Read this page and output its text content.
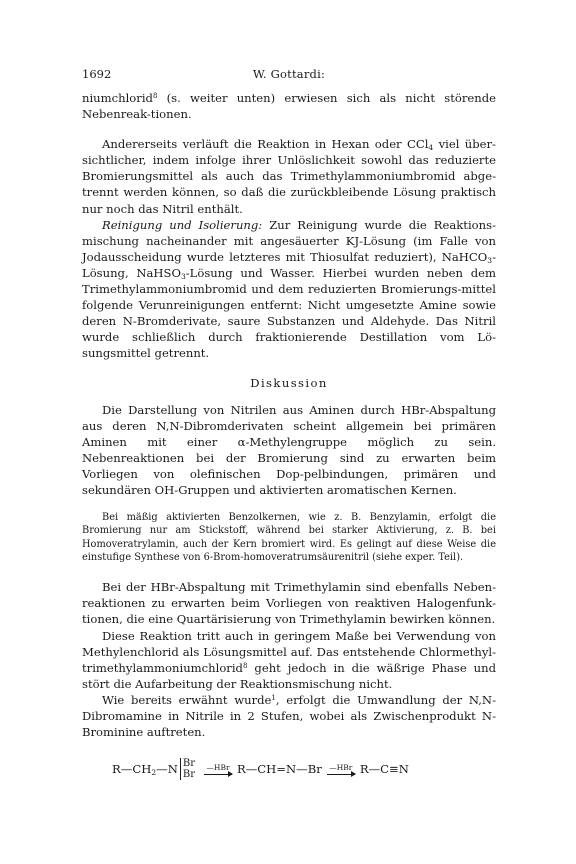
1692	W. Gottardi:

niumchlorid$^8$ (s. weiter unten) erwiesen sich als nicht störende Nebenreak-tionen.

Andererseits verläuft die Reaktion in Hexan oder CCl$_4$ viel über-sichtlicher, indem infolge ihrer Unlöslichkeit sowohl das reduzierte Bromierungsmittel als auch das Trimethylammoniumbromid abge-trennt werden können, so daß die zurückbleibende Lösung praktisch nur noch das Nitril enthält.

Reinigung und Isolierung: Zur Reinigung wurde die Reaktions-mischung nacheinander mit angesäuerter KJ-Lösung (im Falle von Jodausscheidung wurde letzteres mit Thiosulfat reduziert), NaHCO$_3$-Lösung, NaHSO$_3$-Lösung und Wasser. Hierbei wurden neben dem Trimethylammoniumbromid und dem reduzierten Bromierungs-mittel folgende Verunreinigungen entfernt: Nicht umgesetzte Amine sowie deren N-Bromderivate, saure Substanzen und Aldehyde. Das Nitril wurde schließlich durch fraktionierende Destillation vom Lö-sungsmittel getrennt.

Diskussion

Die Darstellung von Nitrilen aus Aminen durch HBr-Abspaltung aus deren N,N-Dibromderivaten scheint allgemein bei primären Aminen mit einer α-Methylengruppe möglich zu sein. Nebenreaktionen bei der Bromierung sind zu erwarten beim Vorliegen von olefinischen Dop-pelbindungen, primären und sekundären OH-Gruppen und aktivierten aromatischen Kernen.

Bei mäßig aktivierten Benzolkernen, wie z. B. Benzylamin, erfolgt die Bromierung nur am Stickstoff, während bei starker Aktivierung, z. B. bei Homoveratrylamin, auch der Kern bromiert wird. Es gelingt auf diese Weise die einstufige Synthese von 6-Brom-homoveratrumsäurenitril (siehe exper. Teil).

Bei der HBr-Abspaltung mit Trimethylamin sind ebenfalls Neben-reaktionen zu erwarten beim Vorliegen von reaktiven Halogenfunk-tionen, die eine Quartärisierung von Trimethylamin bewirken können.

Diese Reaktion tritt auch in geringem Maße bei Verwendung von Methylenchlorid als Lösungsmittel auf. Das entstehende Chlormethyl-trimethylammoniumchlorid$^8$ geht jedoch in die wäßrige Phase und stört die Aufarbeitung der Reaktionsmischung nicht.

Wie bereits erwähnt wurde$^1$, erfolgt die Umwandlung der N,N-Dibromamine in Nitrile in 2 Stufen, wobei als Zwischenprodukt N-Brominine auftreten.

$R—CH_2—N$ Br
Br
—HBr R—CH=N—Br —HBr R—C≡N
